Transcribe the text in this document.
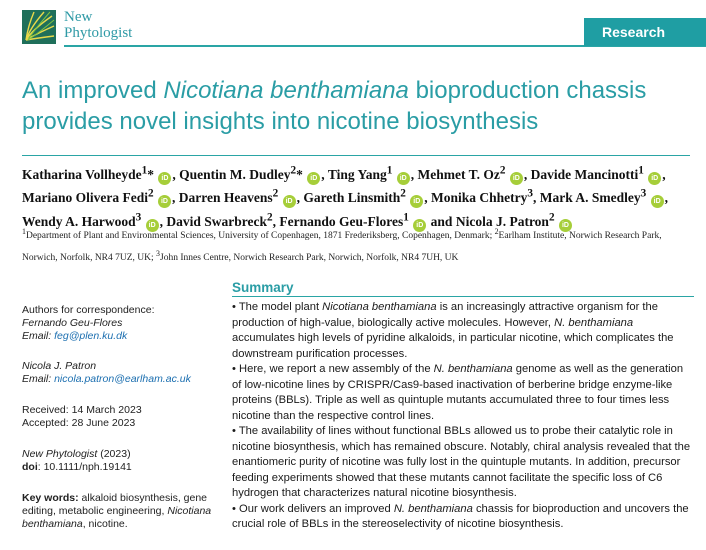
New
Phytologist	Research
An improved Nicotiana benthamiana bioproduction chassis provides novel insights into nicotine biosynthesis
Katharina Vollheyde$^1$* iD , Quentin M. Dudley$^2$* iD , Ting Yang$^1$ iD , Mehmet T. Oz$^2$ iD , Davide Mancinotti$^1$ iD ,
Mariano Olivera Fedi$^2$ iD , Darren Heavens$^2$ iD , Gareth Linsmith$^2$ iD , Monika Chhetry$^3$, Mark A. Smedley$^3$ iD ,
Wendy A. Harwood$^3$ iD , David Swarbreck$^2$, Fernando Geu-Flores$^1$ iD and Nicola J. Patron$^2$ iD
$^1$Department of Plant and Environmental Sciences, University of Copenhagen, 1871 Frederiksberg, Copenhagen, Denmark; $^2$Earlham Institute, Norwich Research Park, Norwich, Norfolk, NR4 7UZ, UK; $^3$John Innes Centre, Norwich Research Park, Norwich, Norfolk, NR4 7UH, UK

Authors for correspondence:

Fernando Geu-Flores

Email: feg@plen.ku.dk

Nicola J. Patron

Email: nicola.patron@earlham.ac.uk

Received: 14 March 2023

Accepted: 28 June 2023

New Phytologist (2023)

doi: 10.1111/nph.19141

Key words: alkaloid biosynthesis, gene editing, metabolic engineering, Nicotiana benthamiana, nicotine.

Summary

• The model plant Nicotiana benthamiana is an increasingly attractive organism for the production of high-value, biologically active molecules. However, N. benthamiana accumulates high levels of pyridine alkaloids, in particular nicotine, which complicates the downstream purification processes.

• Here, we report a new assembly of the N. benthamiana genome as well as the generation of low-nicotine lines by CRISPR/Cas9-based inactivation of berberine bridge enzyme-like proteins (BBLs). Triple as well as quintuple mutants accumulated three to four times less nicotine than the respective control lines.

• The availability of lines without functional BBLs allowed us to probe their catalytic role in nicotine biosynthesis, which has remained obscure. Notably, chiral analysis revealed that the enantiomeric purity of nicotine was fully lost in the quintuple mutants. In addition, precursor feeding experiments showed that these mutants cannot facilitate the specific loss of C6 hydrogen that characterizes natural nicotine biosynthesis.

• Our work delivers an improved N. benthamiana chassis for bioproduction and uncovers the crucial role of BBLs in the stereoselectivity of nicotine biosynthesis.
